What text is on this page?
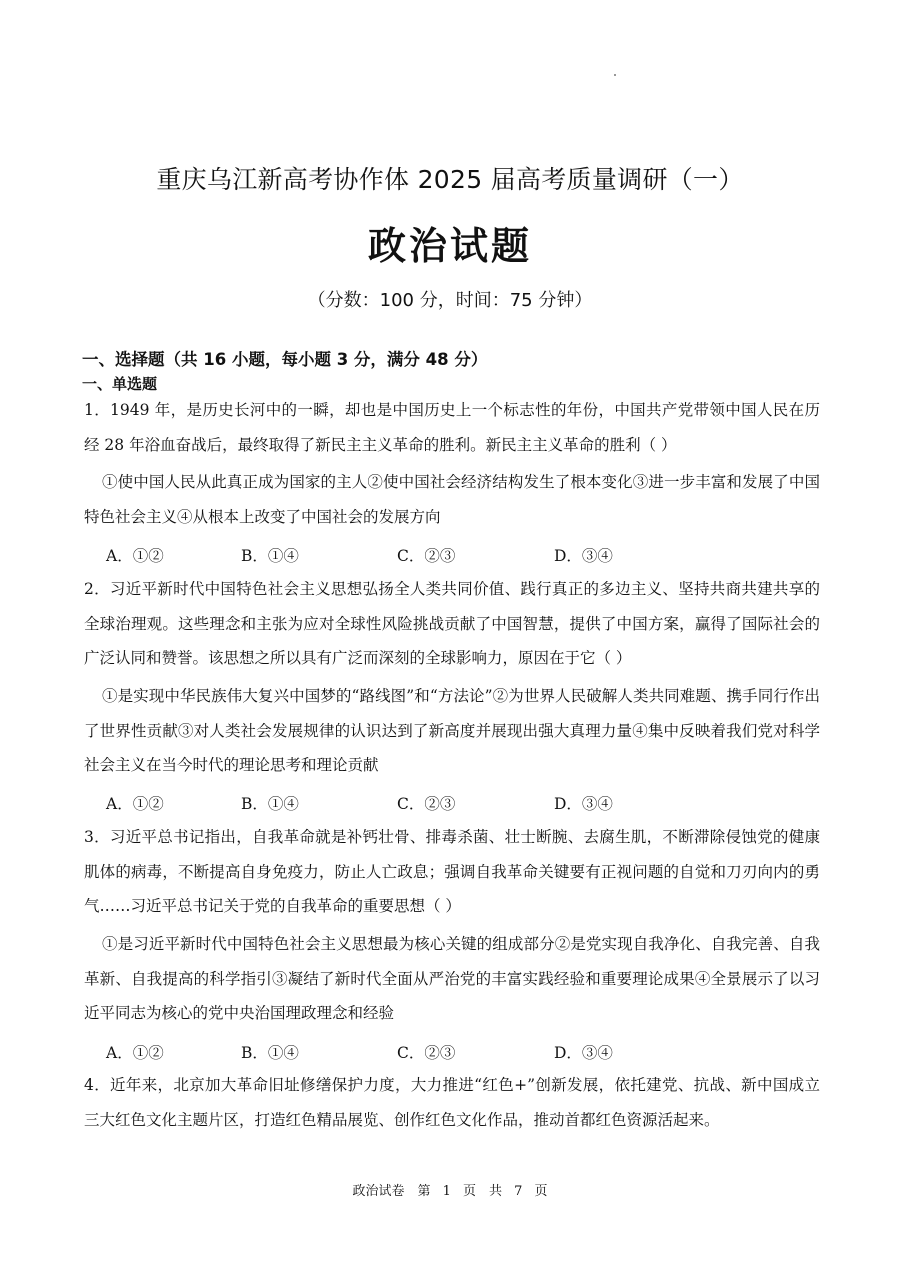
重庆乌江新高考协作体 2025 届高考质量调研（一）
政治试题
（分数：100 分，时间：75 分钟）
一、选择题（共 16 小题，每小题 3 分，满分 48 分）
一、单选题
1．1949 年，是历史长河中的一瞬，却也是中国历史上一个标志性的年份，中国共产党带领中国人民在历经 28 年浴血奋战后，最终取得了新民主主义革命的胜利。新民主主义革命的胜利（ ）
①使中国人民从此真正成为国家的主人②使中国社会经济结构发生了根本变化③进一步丰富和发展了中国特色社会主义④从根本上改变了中国社会的发展方向
A．①②	B．①④	C．②③	D．③④
2．习近平新时代中国特色社会主义思想弘扬全人类共同价值、践行真正的多边主义、坚持共商共建共享的全球治理观。这些理念和主张为应对全球性风险挑战贡献了中国智慧，提供了中国方案，赢得了国际社会的广泛认同和赞誉。该思想之所以具有广泛而深刻的全球影响力，原因在于它（ ）
①是实现中华民族伟大复兴中国梦的“路线图”和“方法论”②为世界人民破解人类共同难题、携手同行作出了世界性贡献③对人类社会发展规律的认识达到了新高度并展现出强大真理力量④集中反映着我们党对科学社会主义在当今时代的理论思考和理论贡献
A．①②	B．①④	C．②③	D．③④
3．习近平总书记指出，自我革命就是补钙壮骨、排毒杀菌、壮士断腕、去腐生肌，不断滞除侵蚀党的健康肌体的病毒，不断提高自身免疫力，防止人亡政息；强调自我革命关键要有正视问题的自觉和刀刃向内的勇气……习近平总书记关于党的自我革命的重要思想（ ）
①是习近平新时代中国特色社会主义思想最为核心关键的组成部分②是党实现自我净化、自我完善、自我革新、自我提高的科学指引③凝结了新时代全面从严治党的丰富实践经验和重要理论成果④全景展示了以习近平同志为核心的党中央治国理政理念和经验
A．①②	B．①④	C．②③	D．③④
4．近年来，北京加大革命旧址修缮保护力度，大力推进“红色+”创新发展，依托建党、抗战、新中国成立三大红色文化主题片区，打造红色精品展览、创作红色文化作品，推动首都红色资源活起来。
政治试卷　第 1 页　共 7 页
